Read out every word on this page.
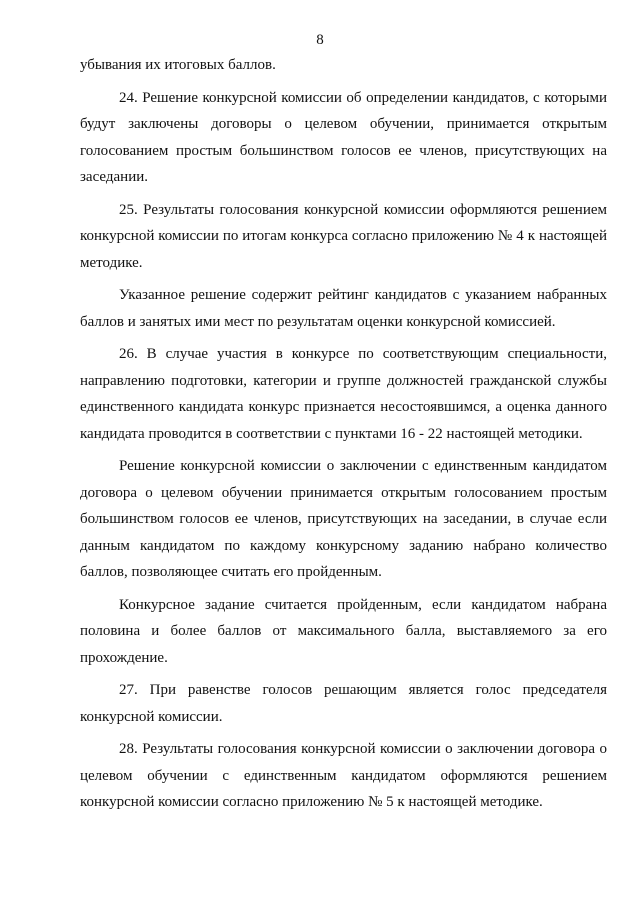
8

убывания их итоговых баллов.

24. Решение конкурсной комиссии об определении кандидатов, с которыми будут заключены договоры о целевом обучении, принимается открытым голосованием простым большинством голосов ее членов, присутствующих на заседании.

25. Результаты голосования конкурсной комиссии оформляются решением конкурсной комиссии по итогам конкурса согласно приложению № 4 к настоящей методике.

Указанное решение содержит рейтинг кандидатов с указанием набранных баллов и занятых ими мест по результатам оценки конкурсной комиссией.

26. В случае участия в конкурсе по соответствующим специальности, направлению подготовки, категории и группе должностей гражданской службы единственного кандидата конкурс признается несостоявшимся, а оценка данного кандидата проводится в соответствии с пунктами 16 - 22 настоящей методики.

Решение конкурсной комиссии о заключении с единственным кандидатом договора о целевом обучении принимается открытым голосованием простым большинством голосов ее членов, присутствующих на заседании, в случае если данным кандидатом по каждому конкурсному заданию набрано количество баллов, позволяющее считать его пройденным.

Конкурсное задание считается пройденным, если кандидатом набрана половина и более баллов от максимального балла, выставляемого за его прохождение.

27. При равенстве голосов решающим является голос председателя конкурсной комиссии.

28. Результаты голосования конкурсной комиссии о заключении договора о целевом обучении с единственным кандидатом оформляются решением конкурсной комиссии согласно приложению № 5 к настоящей методике.
